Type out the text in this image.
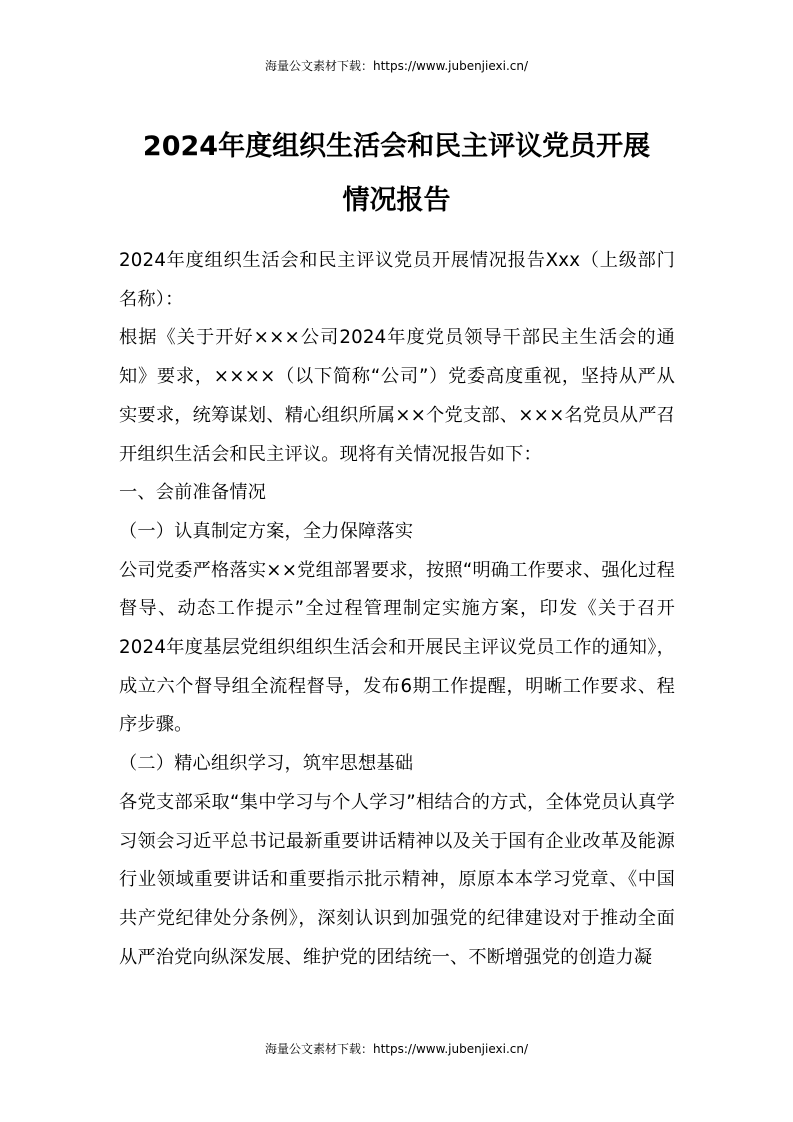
海量公文素材下载：https://www.jubenjiexi.cn/
2024年度组织生活会和民主评议党员开展
情况报告

2024年度组织生活会和民主评议党员开展情况报告Xxx（上级部门名称）：

根据《关于开好×××公司2024年度党员领导干部民主生活会的通知》要求，××××（以下简称“公司”）党委高度重视，坚持从严从实要求，统筹谋划、精心组织所属××个党支部、×××名党员从严召开组织生活会和民主评议。现将有关情况报告如下：

一、会前准备情况

（一）认真制定方案，全力保障落实

公司党委严格落实××党组部署要求，按照“明确工作要求、强化过程督导、动态工作提示”全过程管理制定实施方案，印发《关于召开2024年度基层党组织组织生活会和开展民主评议党员工作的通知》，成立六个督导组全流程督导，发布6期工作提醒，明晰工作要求、程序步骤。

（二）精心组织学习，筑牢思想基础

各党支部采取“集中学习与个人学习”相结合的方式，全体党员认真学习领会习近平总书记最新重要讲话精神以及关于国有企业改革及能源行业领域重要讲话和重要指示批示精神，原原本本学习党章、《中国共产党纪律处分条例》，深刻认识到加强党的纪律建设对于推动全面从严治党向纵深发展、维护党的团结统一、不断增强党的创造力凝

海量公文素材下载：https://www.jubenjiexi.cn/
